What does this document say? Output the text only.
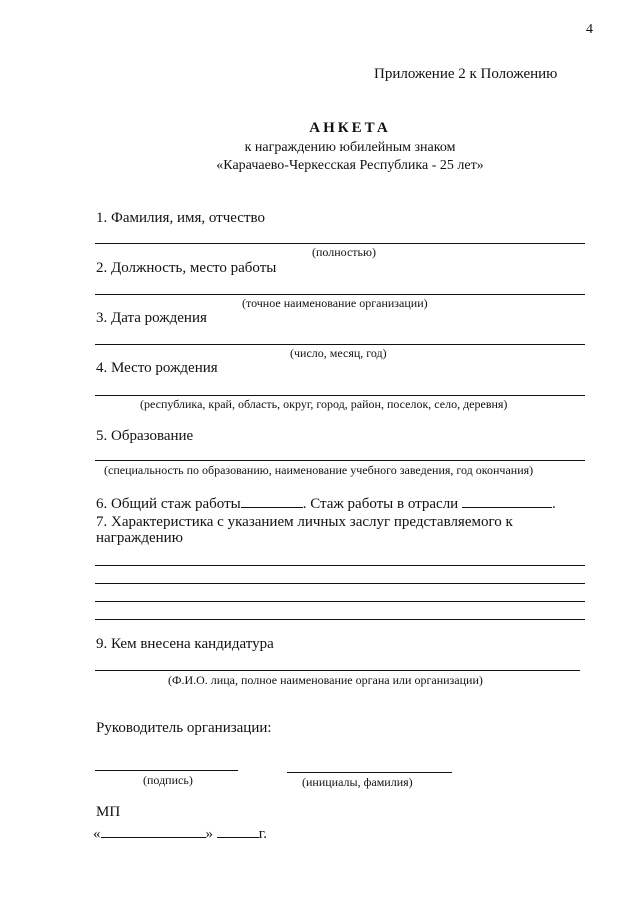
4
Приложение 2 к Положению
АНКЕТА
к награждению юбилейным знаком
«Карачаево-Черкесская Республика - 25 лет»
1. Фамилия, имя, отчество
(полностью)
2. Должность, место работы
(точное наименование организации)
3. Дата рождения
(число, месяц, год)
4. Место рождения
(республика, край, область, округ, город, район, поселок, село, деревня)
5. Образование
(специальность по образованию, наименование учебного заведения, год окончания)
6. Общий стаж работы	. Стаж работы в отрасли	.
7. Характеристика с указанием личных заслуг представляемого к
награждению
9. Кем внесена кандидатура
(Ф.И.О. лица, полное наименование органа или организации)
Руководитель организации:
(подпись)	(инициалы, фамилия)
МП
«	»	г.
